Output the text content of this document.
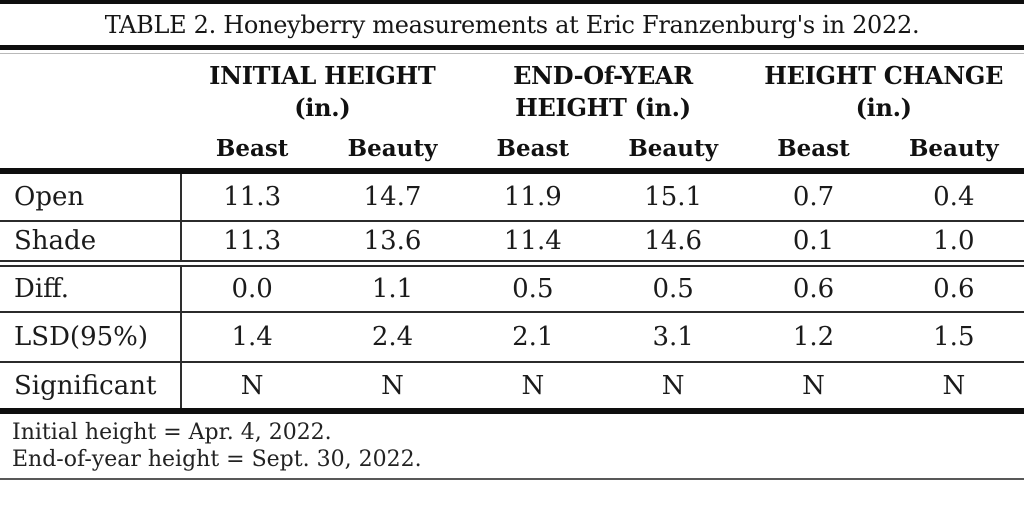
TABLE 2. Honeyberry measurements at Eric Franzenburg's in 2022.
INITIAL HEIGHT
(in.)
END-Of-YEAR
HEIGHT (in.)
HEIGHT CHANGE
(in.)
Beast	Beauty	Beast	Beauty	Beast	Beauty
Open	11.3	14.7	11.9	15.1	0.7	0.4
Shade	11.3	13.6	11.4	14.6	0.1	1.0
Diff.	0.0	1.1	0.5	0.5	0.6	0.6
LSD(95%)	1.4	2.4	2.1	3.1	1.2	1.5
Significant	N	N	N	N	N	N
Initial height = Apr. 4, 2022.
End-of-year height = Sept. 30, 2022.
